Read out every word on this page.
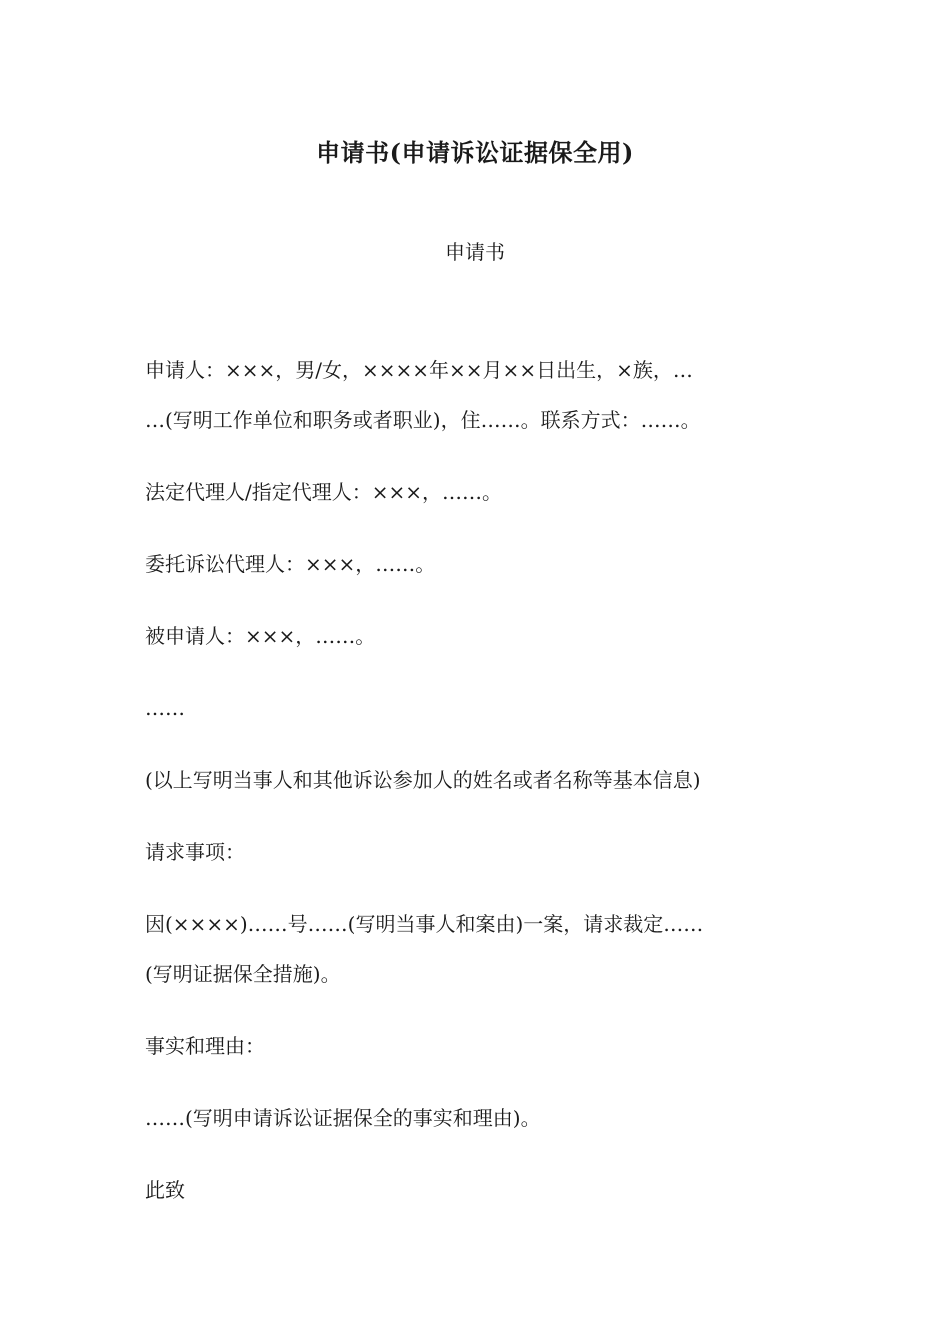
申请书(申请诉讼证据保全用)

申请书

申请人：×××，男/女，××××年××月××日出生，×族，…

…(写明工作单位和职务或者职业)，住……。联系方式：……。

法定代理人/指定代理人：×××，……。

委托诉讼代理人：×××，……。

被申请人：×××，……。

……

(以上写明当事人和其他诉讼参加人的姓名或者名称等基本信息)

请求事项：

因(××××)……号……(写明当事人和案由)一案，请求裁定……

(写明证据保全措施)。

事实和理由：

……(写明申请诉讼证据保全的事实和理由)。

此致
